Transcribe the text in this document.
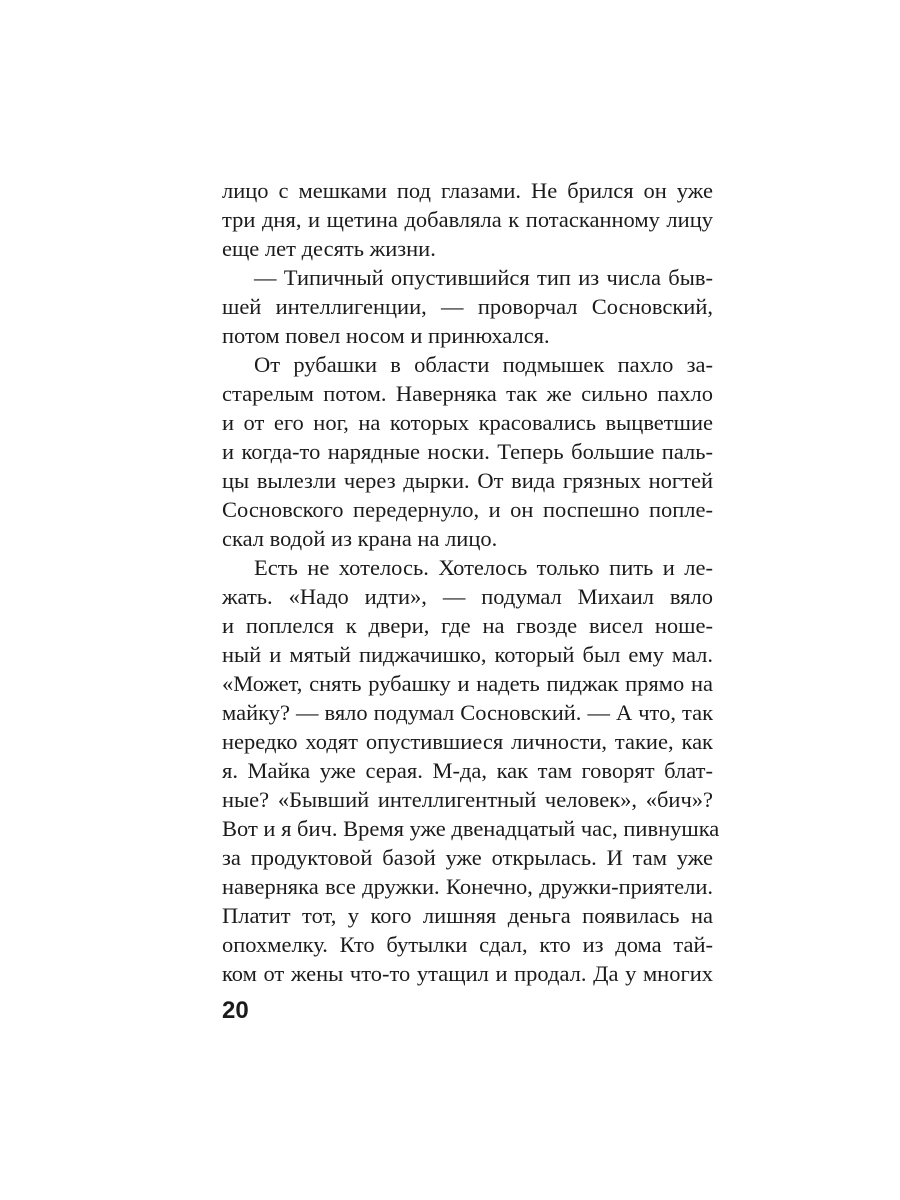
лицо с мешками под глазами. Не брился он уже

три дня, и щетина добавляла к потасканному лицу

еще лет десять жизни.

— Типичный опустившийся тип из числа быв-

шей интеллигенции, — проворчал Сосновский,

потом повел носом и принюхался.

От рубашки в области подмышек пахло за-

старелым потом. Наверняка так же сильно пахло

и от его ног, на которых красовались выцветшие

и когда-то нарядные носки. Теперь большие паль-

цы вылезли через дырки. От вида грязных ногтей

Сосновского передернуло, и он поспешно попле-

скал водой из крана на лицо.

Есть не хотелось. Хотелось только пить и ле-

жать. «Надо идти», — подумал Михаил вяло

и поплелся к двери, где на гвозде висел ноше-

ный и мятый пиджачишко, который был ему мал.

«Может, снять рубашку и надеть пиджак прямо на

майку? — вяло подумал Сосновский. — А что, так

нередко ходят опустившиеся личности, такие, как

я. Майка уже серая. М-да, как там говорят блат-

ные? «Бывший интеллигентный человек», «бич»?

Вот и я бич. Время уже двенадцатый час, пивнушка

за продуктовой базой уже открылась. И там уже

наверняка все дружки. Конечно, дружки-приятели.

Платит тот, у кого лишняя деньга появилась на

опохмелку. Кто бутылки сдал, кто из дома тай-

ком от жены что-то утащил и продал. Да у многих

20
